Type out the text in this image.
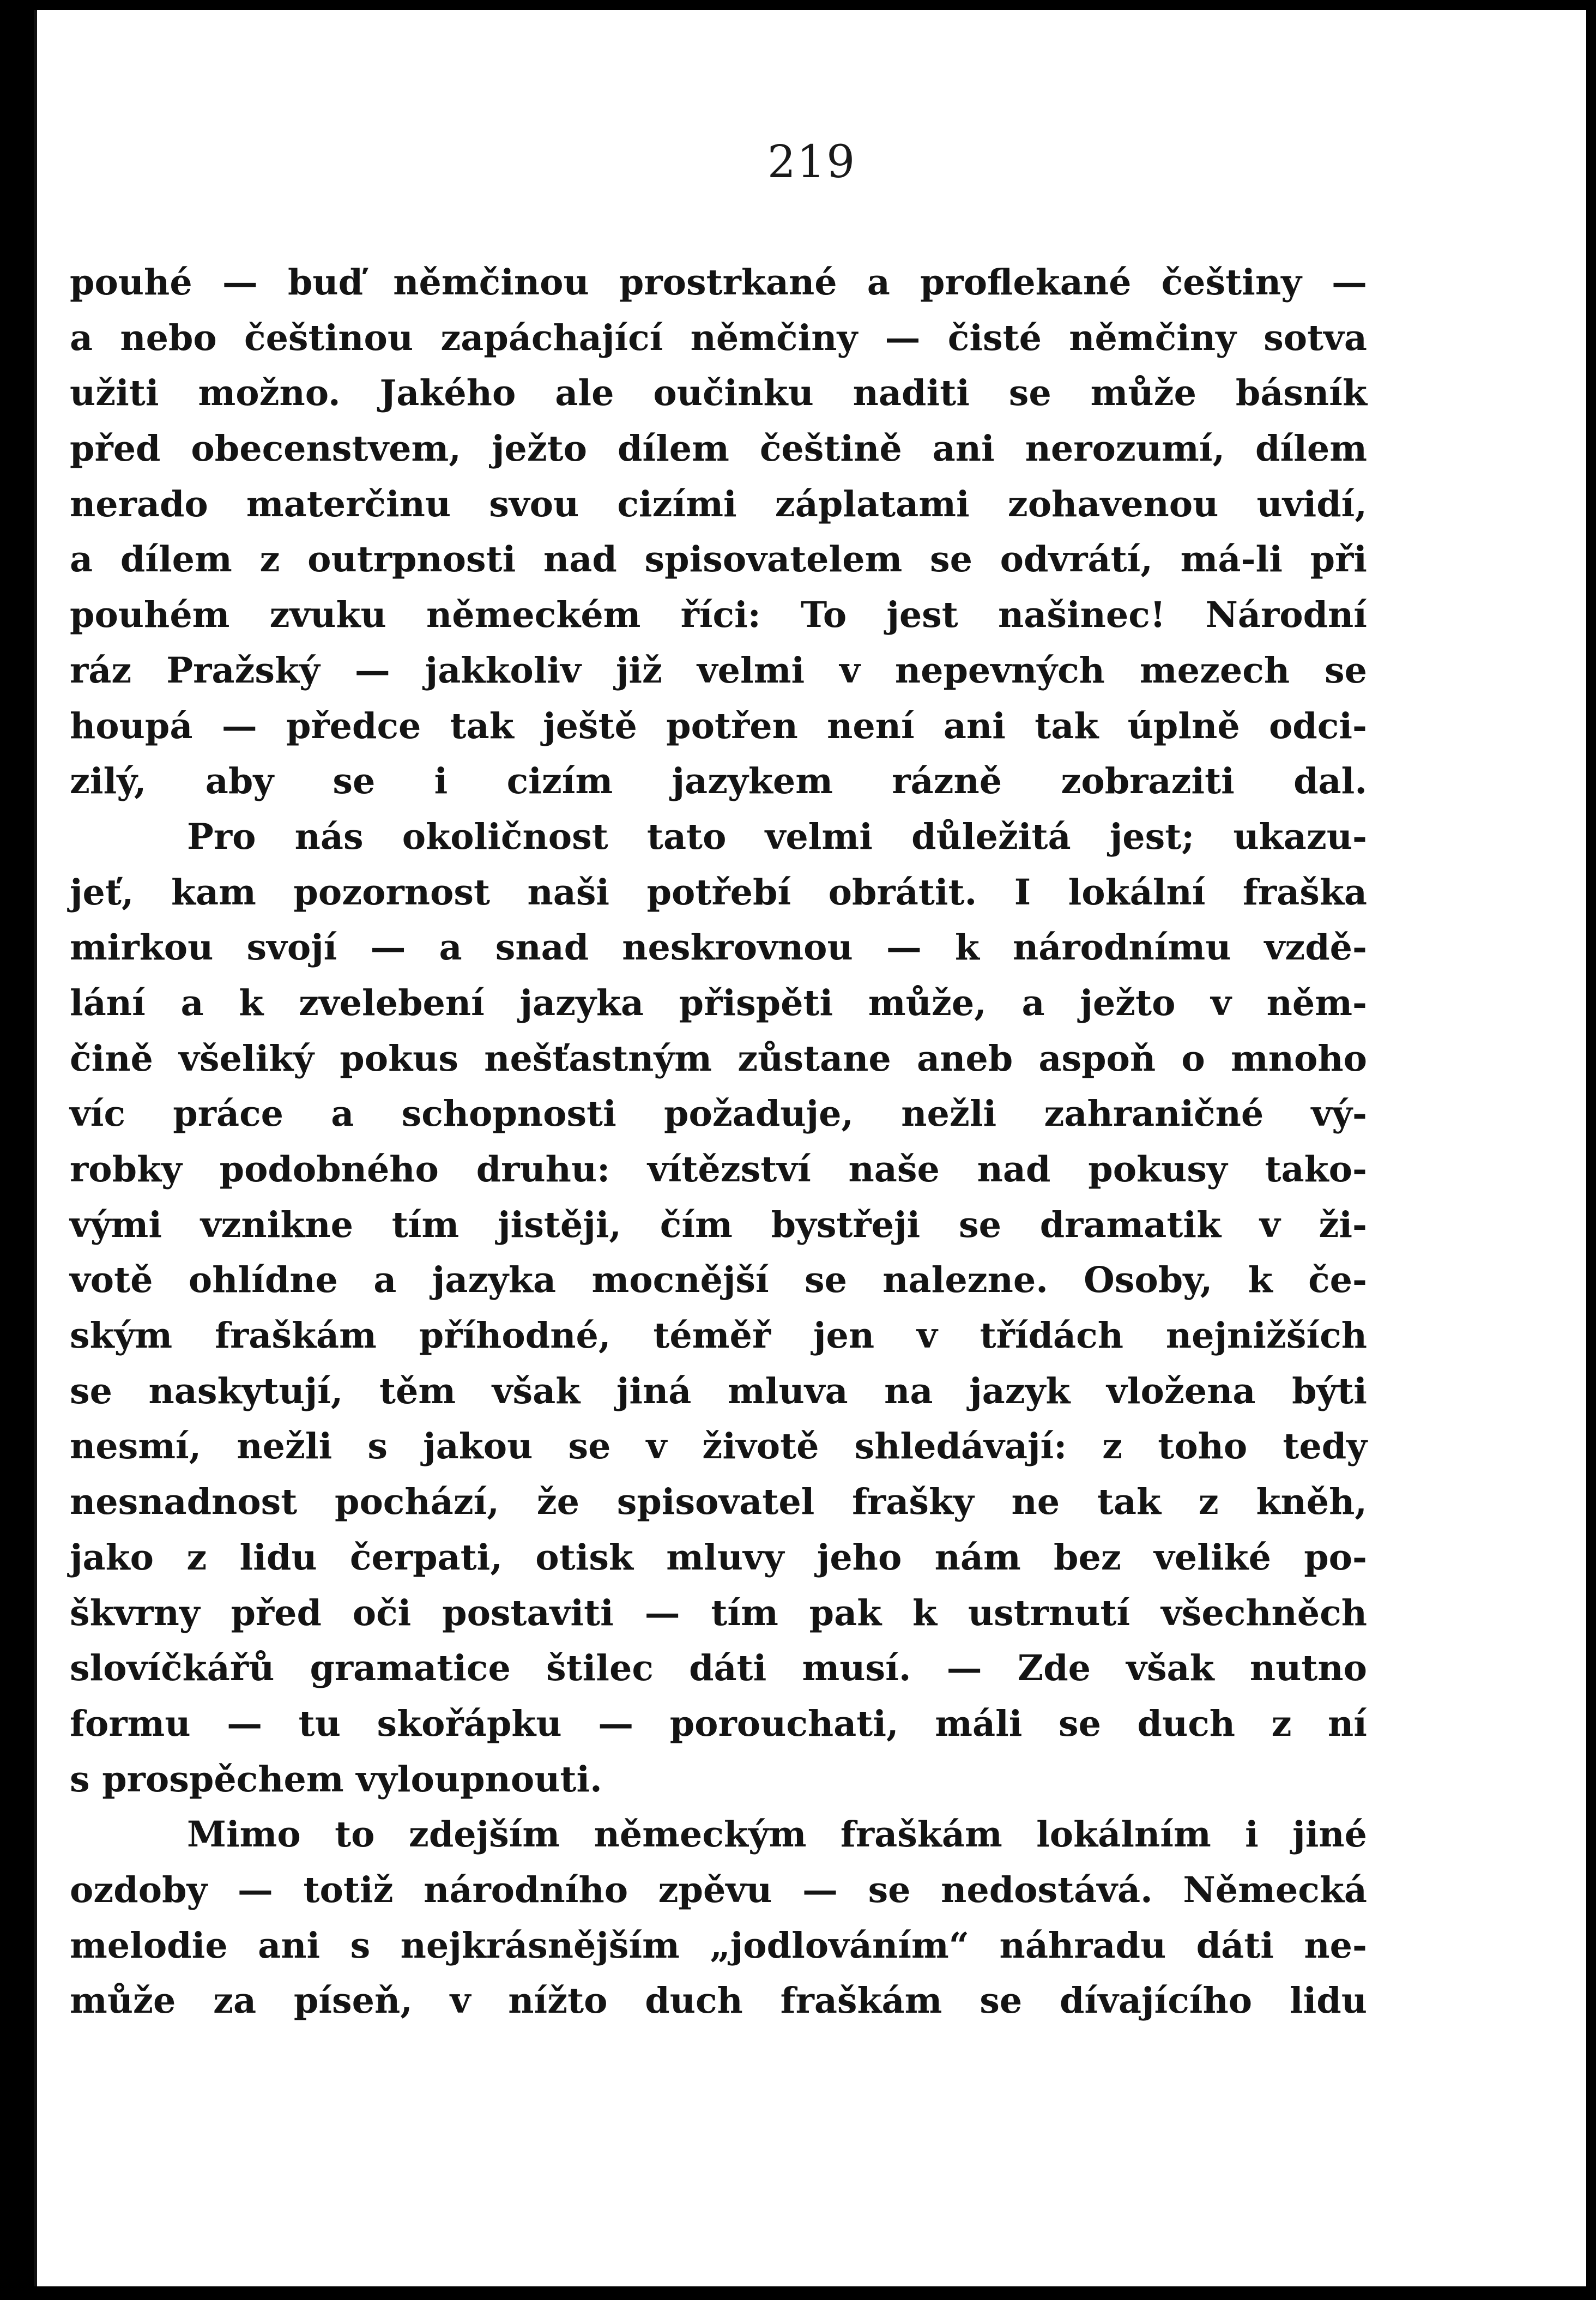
219
pouhé — buď němčinou prostrkané a proflekané češtiny —
a nebo češtinou zapáchající němčiny — čisté němčiny sotva
užiti možno. Jakého ale oučinku naditi se může básník
před obecenstvem, ježto dílem češtině ani nerozumí, dílem
nerado materčinu svou cizími záplatami zohavenou uvidí,
a dílem z outrpnosti nad spisovatelem se odvrátí, má-li při
pouhém zvuku německém říci: To jest našinec! Národní
ráz Pražský — jakkoliv již velmi v nepevných mezech se
houpá — předce tak ještě potřen není ani tak úplně odci-
zilý, aby se i cizím jazykem rázně zobraziti dal.
Pro nás okoličnost tato velmi důležitá jest; ukazu-
jeť, kam pozornost naši potřebí obrátit. I lokální fraška
mirkou svojí — a snad neskrovnou — k národnímu vzdě-
lání a k zvelebení jazyka přispěti může, a ježto v něm-
čině všeliký pokus nešťastným zůstane aneb aspoň o mnoho
víc práce a schopnosti požaduje, nežli zahraničné vý-
robky podobného druhu: vítězství naše nad pokusy tako-
vými vznikne tím jistěji, čím bystřeji se dramatik v ži-
votě ohlídne a jazyka mocnější se nalezne. Osoby, k če-
ským fraškám příhodné, téměř jen v třídách nejnižších
se naskytují, těm však jiná mluva na jazyk vložena býti
nesmí, nežli s jakou se v životě shledávají: z toho tedy
nesnadnost pochází, že spisovatel frašky ne tak z kněh,
jako z lidu čerpati, otisk mluvy jeho nám bez veliké po-
škvrny před oči postaviti — tím pak k ustrnutí všechněch
slovíčkářů gramatice štilec dáti musí. — Zde však nutno
formu — tu skořápku — porouchati, máli se duch z ní
s prospěchem vyloupnouti.
Mimo to zdejším německým fraškám lokálním i jiné
ozdoby — totiž národního zpěvu — se nedostává. Německá
melodie ani s nejkrásnějším „jodlováním“ náhradu dáti ne-
může za píseň, v nížto duch fraškám se dívajícího lidu
